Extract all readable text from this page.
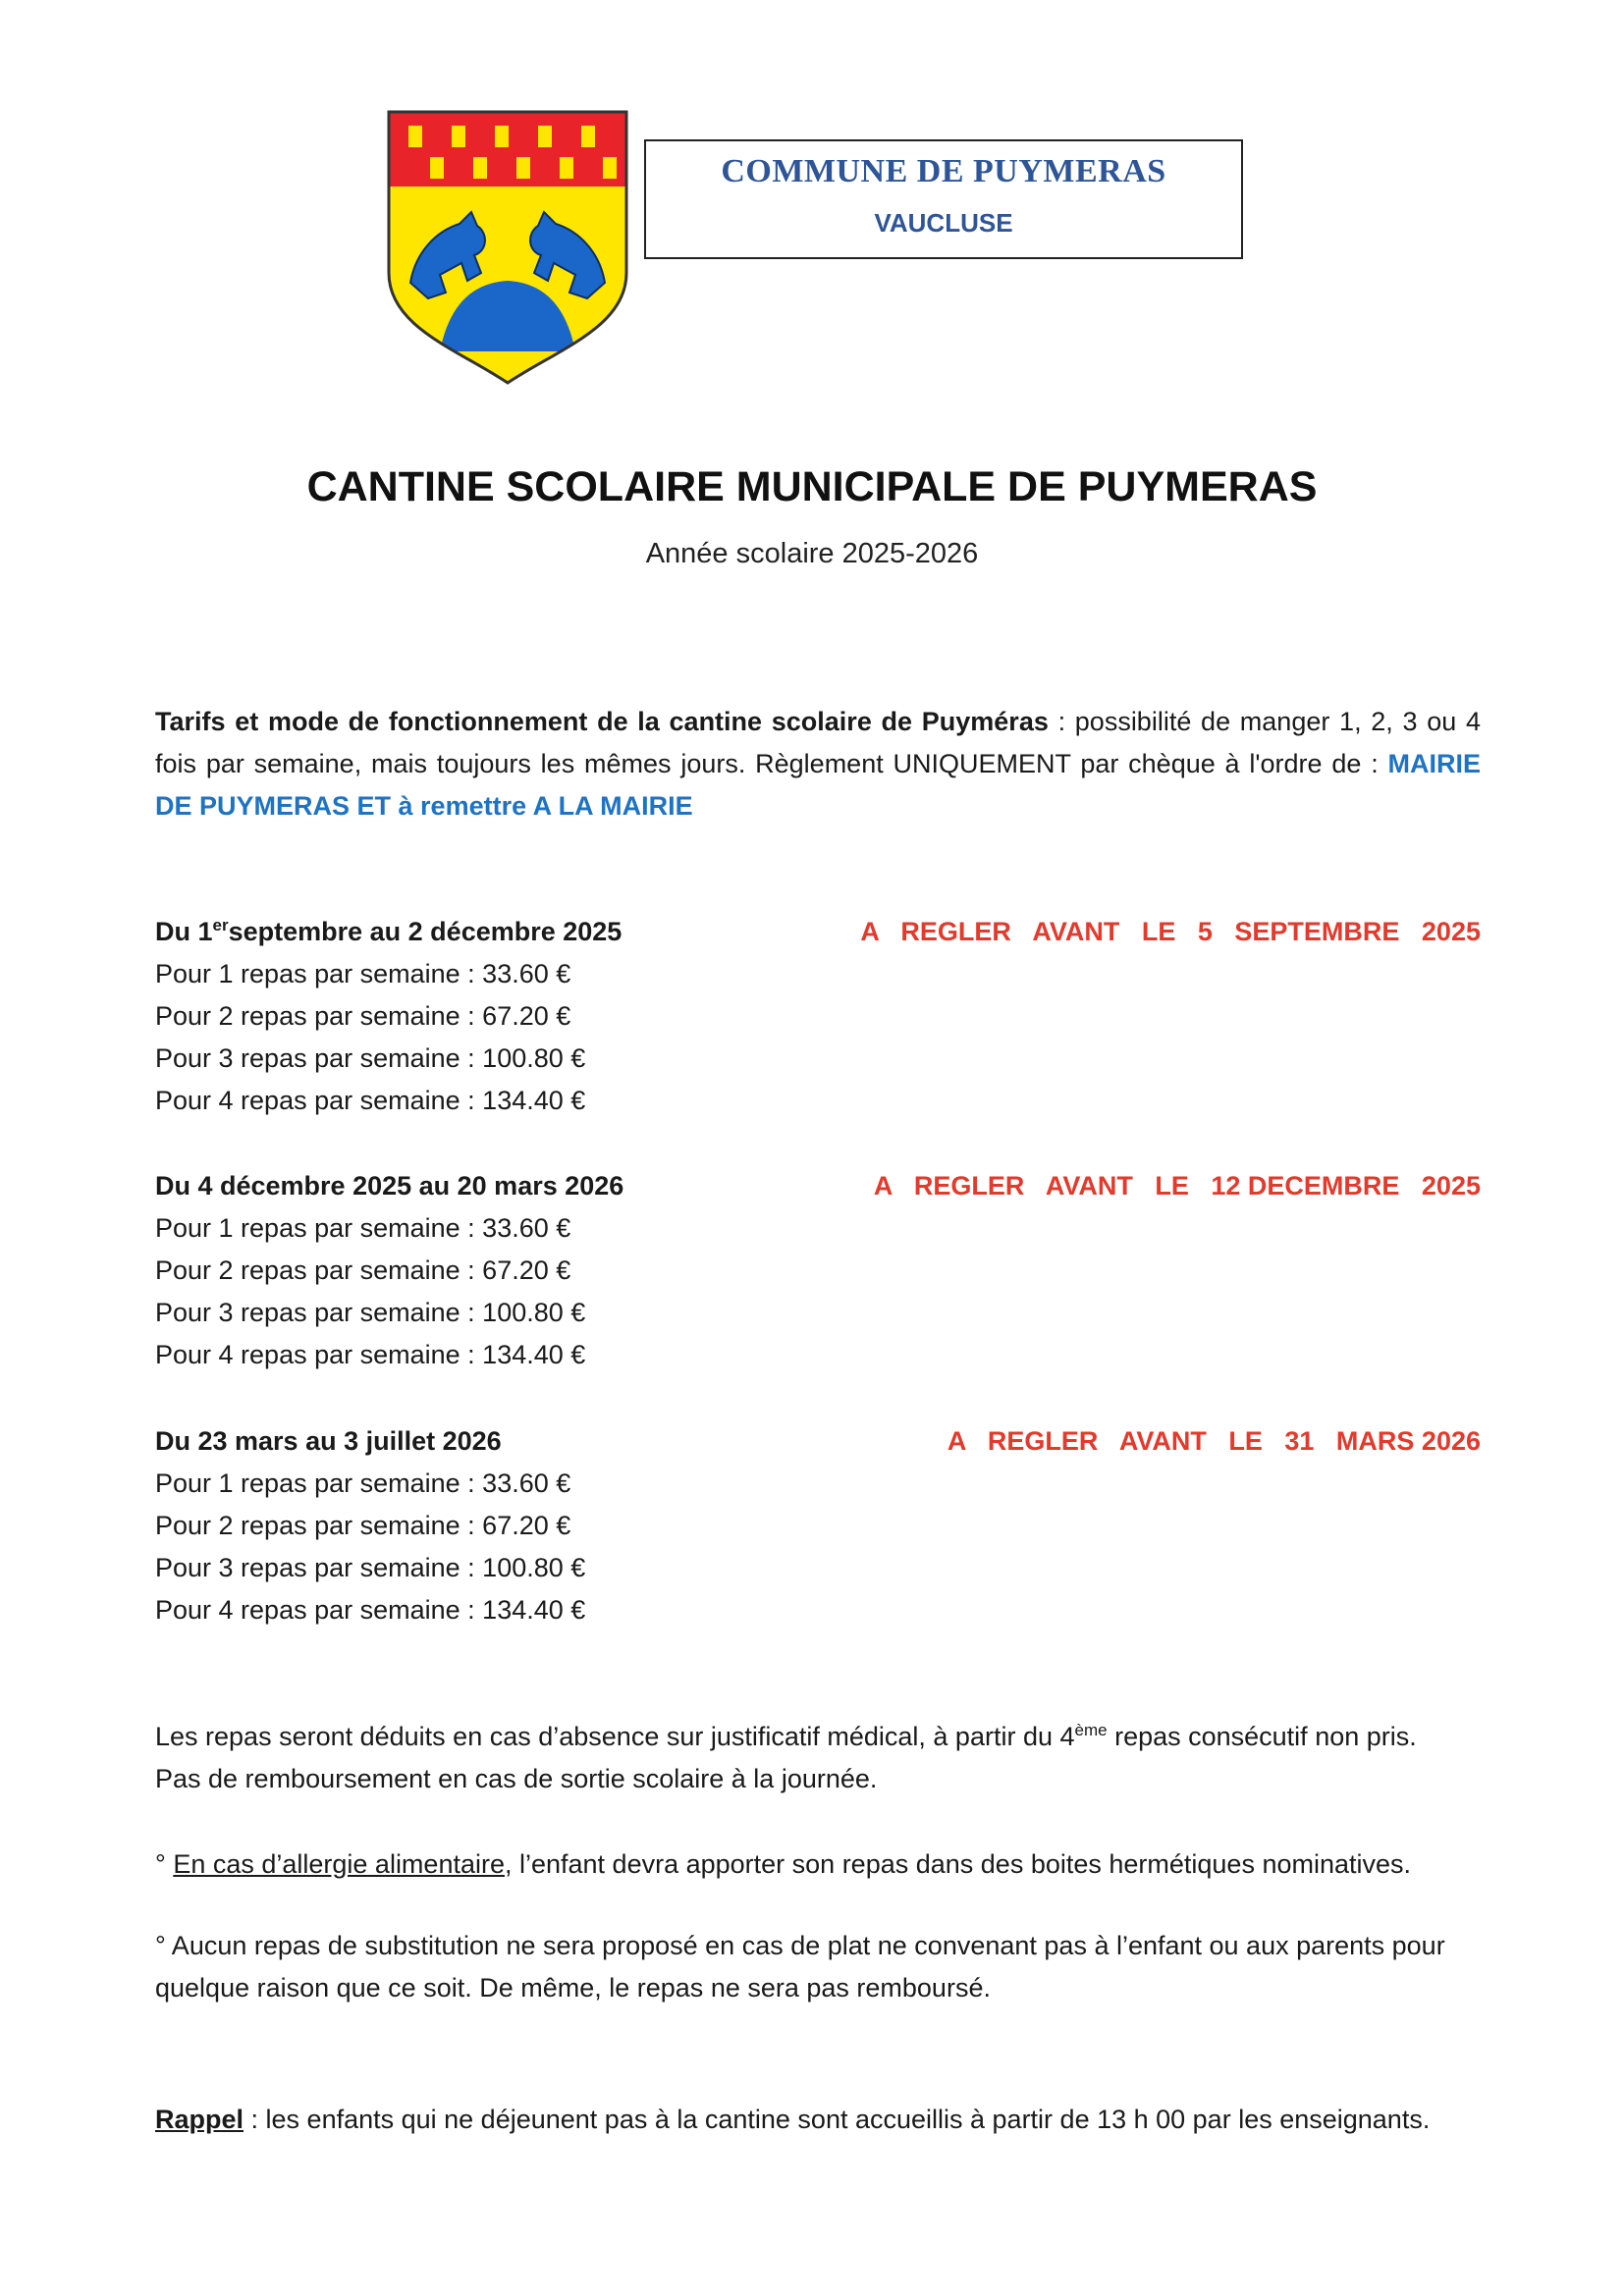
COMMUNE DE PUYMERAS
VAUCLUSE
CANTINE SCOLAIRE MUNICIPALE DE PUYMERAS
Année scolaire 2025-2026
Tarifs et mode de fonctionnement de la cantine scolaire de Puyméras : possibilité de manger 1, 2, 3 ou 4 fois par semaine, mais toujours les mêmes jours. Règlement UNIQUEMENT par chèque à l'ordre de : MAIRIE DE PUYMERAS ET à remettre A LA MAIRIE
Du 1erseptembre au 2 décembre 2025	A   REGLER   AVANT   LE   5   SEPTEMBRE   2025
Pour 1 repas par semaine : 33.60 €
Pour 2 repas par semaine : 67.20 €
Pour 3 repas par semaine : 100.80 €
Pour 4 repas par semaine : 134.40 €
Du 4 décembre 2025 au 20 mars 2026	A   REGLER   AVANT   LE   12 DECEMBRE   2025
Pour 1 repas par semaine : 33.60 €
Pour 2 repas par semaine : 67.20 €
Pour 3 repas par semaine : 100.80 €
Pour 4 repas par semaine : 134.40 €
Du 23 mars au 3 juillet 2026	A   REGLER   AVANT   LE   31   MARS 2026
Pour 1 repas par semaine : 33.60 €
Pour 2 repas par semaine : 67.20 €
Pour 3 repas par semaine : 100.80 €
Pour 4 repas par semaine : 134.40 €
Les repas seront déduits en cas d’absence sur justificatif médical, à partir du 4ème repas consécutif non pris.
Pas de remboursement en cas de sortie scolaire à la journée.
° En cas d’allergie alimentaire, l’enfant devra apporter son repas dans des boites hermétiques nominatives.
° Aucun repas de substitution ne sera proposé en cas de plat ne convenant pas à l’enfant ou aux parents pour quelque raison que ce soit. De même, le repas ne sera pas remboursé.
Rappel : les enfants qui ne déjeunent pas à la cantine sont accueillis à partir de 13 h 00 par les enseignants.
